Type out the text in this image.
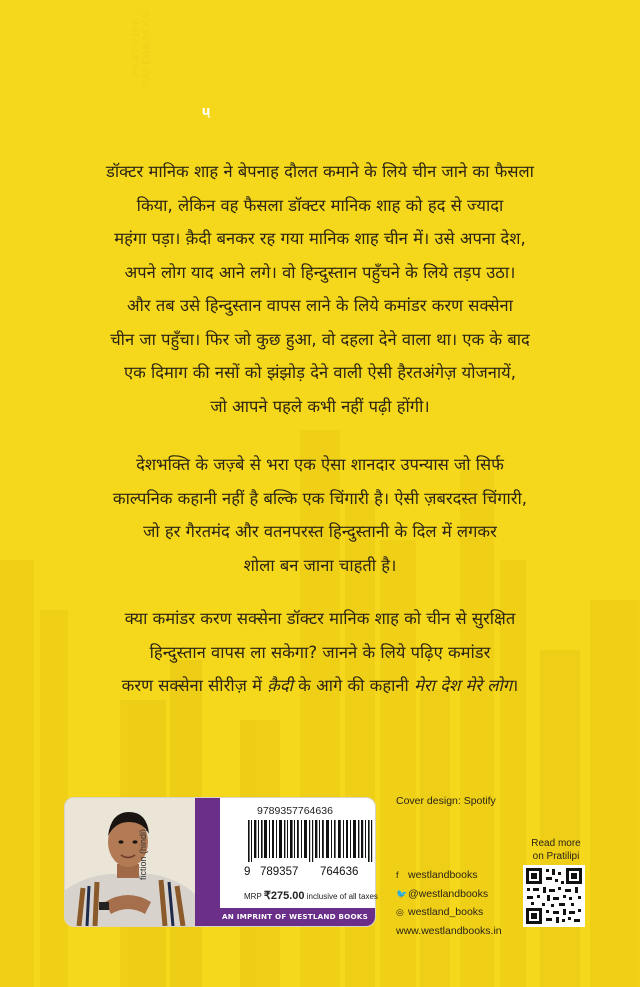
डॉक्टर मानिक शाह ने बेपनाह दौलत कमाने के लिये चीन जाने का फैसला

किया, लेकिन वह फैसला डॉक्टर मानिक शाह को हद से ज्यादा

महंगा पड़ा। क़ैदी बनकर रह गया मानिक शाह चीन में। उसे अपना देश,

अपने लोग याद आने लगे। वो हिन्दुस्तान पहुँचने के लिये तड़प उठा।

और तब उसे हिन्दुस्तान वापस लाने के लिये कमांडर करण सक्सेना

चीन जा पहुँचा। फिर जो कुछ हुआ, वो दहला देने वाला था। एक के बाद

एक दिमाग की नसों को झंझोड़ देने वाली ऐसी हैरतअंगेज़ योजनायें,

जो आपने पहले कभी नहीं पढ़ी होंगी।

देशभक्ति के जज़्बे से भरा एक ऐसा शानदार उपन्यास जो सिर्फ

काल्पनिक कहानी नहीं है बल्कि एक चिंगारी है। ऐसी ज़बरदस्त चिंगारी,

जो हर गैरतमंद और वतनपरस्त हिन्दुस्तानी के दिल में लगकर

शोला बन जाना चाहती है।

क्या कमांडर करण सक्सेना डॉक्टर मानिक शाह को चीन से सुरक्षित

हिन्दुस्तान वापस ला सकेगा? जानने के लिये पढ़िए कमांडर

करण सक्सेना सीरीज़ में क़ैदी के आगे की कहानी मेरा देश मेरे लोग।

AN IMPRINT OF WESTLAND BOOKS
PRATILIPI PAPERBACKS
ų
fiction (hindi)
9789357764636
9 789357 764636
MRP ₹275.00 inclusive of all taxes
Cover design: Spotify
f westlandbooks
🐦@westlandbooks
◎ westland_books
www.westlandbooks.in
Read more on Pratilipi
